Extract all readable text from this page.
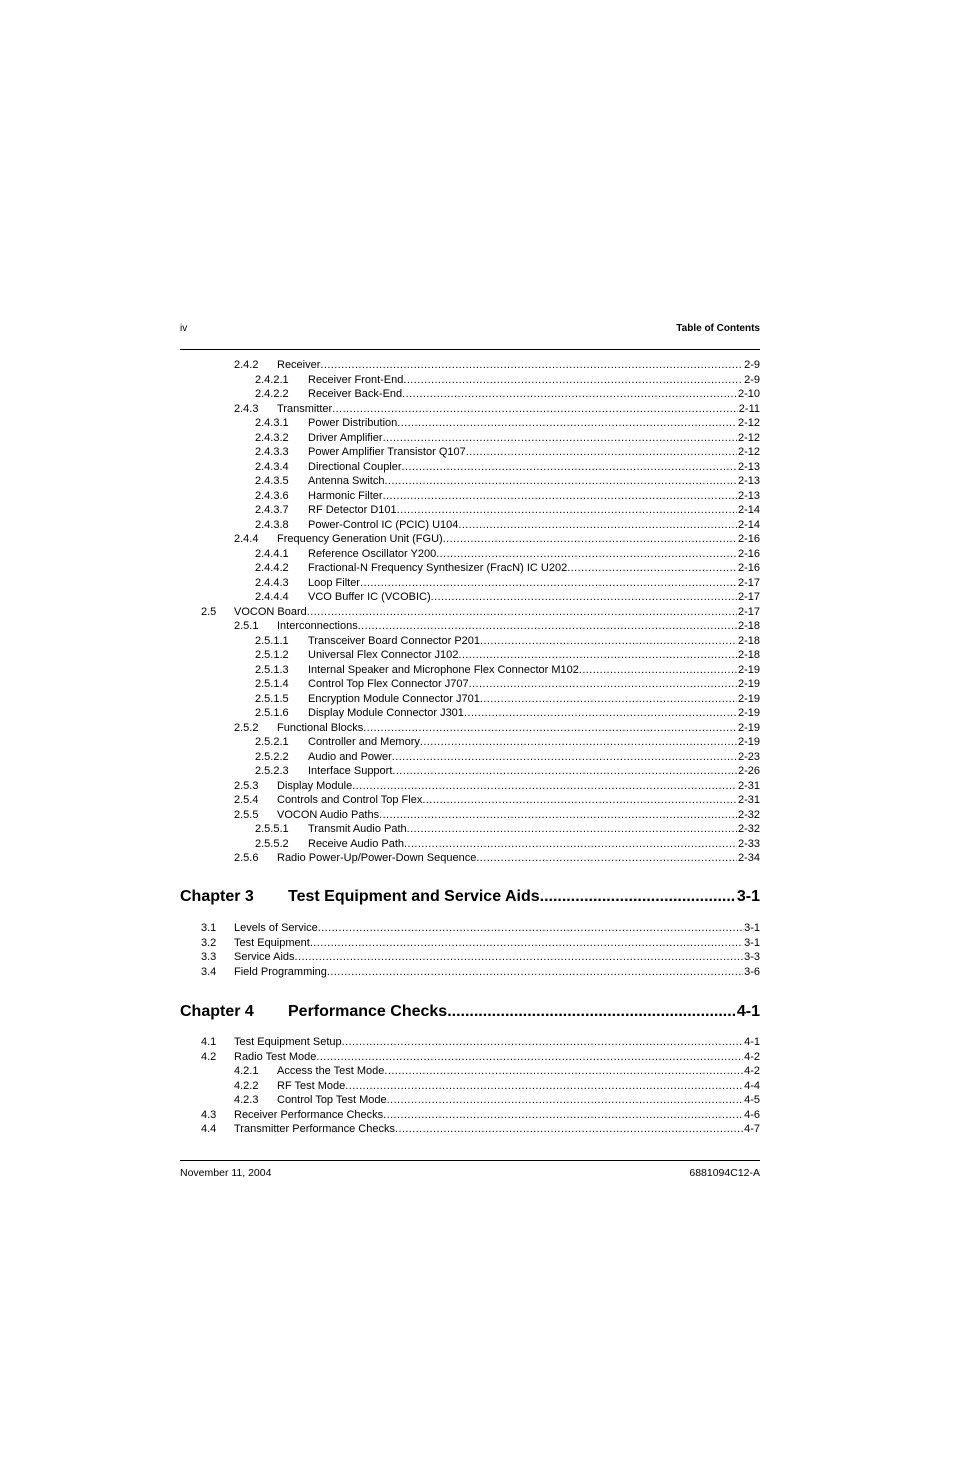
iv	Table of Contents
2.4.2 Receiver .....	2-9
2.4.2.1 Receiver Front-End .....	2-9
2.4.2.2 Receiver Back-End .....	2-10
2.4.3 Transmitter .....	2-11
2.4.3.1 Power Distribution .....	2-12
2.4.3.2 Driver Amplifier .....	2-12
2.4.3.3 Power Amplifier Transistor Q107 .....	2-12
2.4.3.4 Directional Coupler .....	2-13
2.4.3.5 Antenna Switch .....	2-13
2.4.3.6 Harmonic Filter .....	2-13
2.4.3.7 RF Detector D101 .....	2-14
2.4.3.8 Power-Control IC (PCIC) U104 .....	2-14
2.4.4 Frequency Generation Unit (FGU) .....	2-16
2.4.4.1 Reference Oscillator Y200 .....	2-16
2.4.4.2 Fractional-N Frequency Synthesizer (FracN) IC U202 .....	2-16
2.4.4.3 Loop Filter .....	2-17
2.4.4.4 VCO Buffer IC (VCOBIC) .....	2-17
2.5 VOCON Board .....	2-17
2.5.1 Interconnections .....	2-18
2.5.1.1 Transceiver Board Connector P201 .....	2-18
2.5.1.2 Universal Flex Connector J102 .....	2-18
2.5.1.3 Internal Speaker and Microphone Flex Connector M102 .....	2-19
2.5.1.4 Control Top Flex Connector J707 .....	2-19
2.5.1.5 Encryption Module Connector J701 .....	2-19
2.5.1.6 Display Module Connector J301 .....	2-19
2.5.2 Functional Blocks .....	2-19
2.5.2.1 Controller and Memory .....	2-19
2.5.2.2 Audio and Power .....	2-23
2.5.2.3 Interface Support .....	2-26
2.5.3 Display Module .....	2-31
2.5.4 Controls and Control Top Flex .....	2-31
2.5.5 VOCON Audio Paths .....	2-32
2.5.5.1 Transmit Audio Path .....	2-32
2.5.5.2 Receive Audio Path .....	2-33
2.5.6 Radio Power-Up/Power-Down Sequence .....	2-34
Chapter 3 Test Equipment and Service Aids .....	3-1
3.1 Levels of Service .....	3-1
3.2 Test Equipment .....	3-1
3.3 Service Aids .....	3-3
3.4 Field Programming .....	3-6
Chapter 4 Performance Checks .....	4-1
4.1 Test Equipment Setup .....	4-1
4.2 Radio Test Mode .....	4-2
4.2.1 Access the Test Mode .....	4-2
4.2.2 RF Test Mode .....	4-4
4.2.3 Control Top Test Mode .....	4-5
4.3 Receiver Performance Checks .....	4-6
4.4 Transmitter Performance Checks .....	4-7
November 11, 2004	6881094C12-A
